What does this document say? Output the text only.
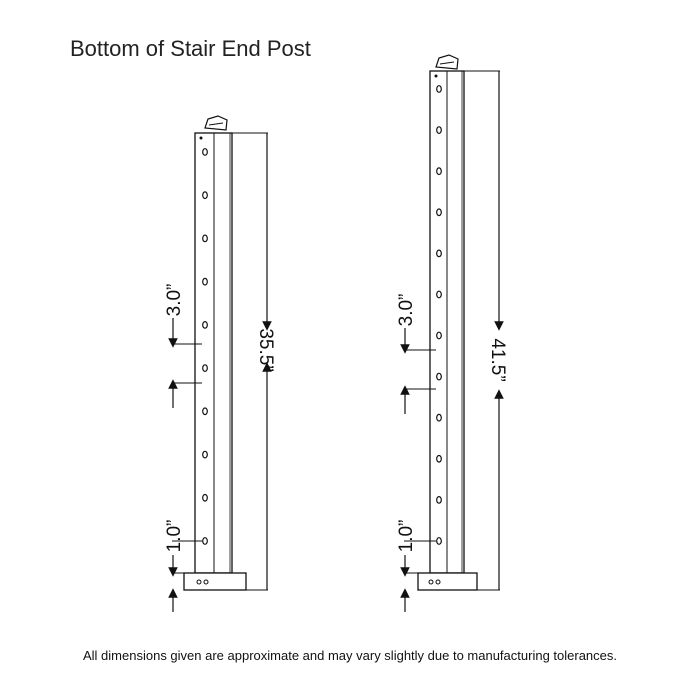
Bottom of Stair End Post
35.5”
3.0”
1.0”
41.5”
3.0”
1.0”
All dimensions given are approximate and may vary slightly due to manufacturing tolerances.
